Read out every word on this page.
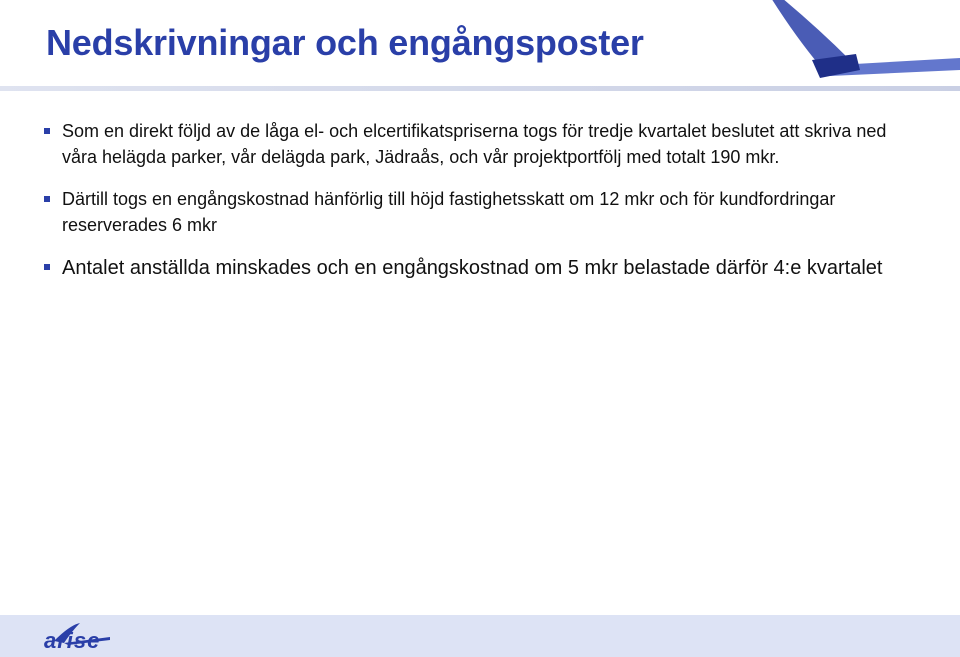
Nedskrivningar och engångsposter
Som en direkt följd av de låga el- och elcertifikatspriserna togs för tredje kvartalet beslutet att skriva ned våra helägda parker, vår delägda park, Jädraås, och vår projektportfölj med totalt 190 mkr.
Därtill togs en engångskostnad hänförlig till höjd fastighetsskatt om 12 mkr och för kundfordringar reserverades 6 mkr
Antalet anställda minskades och en engångskostnad om 5 mkr belastade därför 4:e kvartalet
arise
